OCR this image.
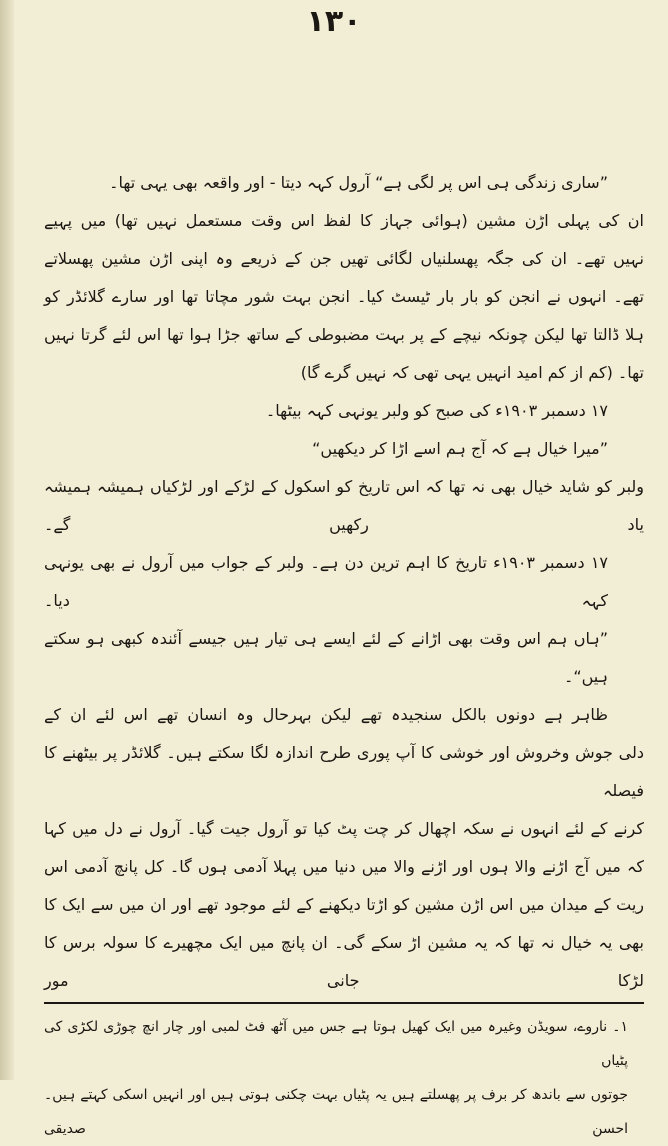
۱۳۰
”ساری زندگی ہی اس پر لگی ہے“ آرول کہہ دیتا - اور واقعہ بھی یہی تھا۔
ان کی پہلی اڑن مشین (ہوائی جہاز کا لفظ اس وقت مستعمل نہیں تھا) میں پہیے
نہیں تھے۔ ان کی جگہ پھسلنیاں لگائی تھیں جن کے ذریعے وہ اپنی اڑن مشین پھسلاتے
تھے۔ انہوں نے انجن کو بار بار ٹیسٹ کیا۔ انجن بہت شور مچاتا تھا اور سارے گلائڈر کو
ہلا ڈالتا تھا لیکن چونکہ نیچے کے پر بہت مضبوطی کے ساتھ جڑا ہوا تھا اس لئے گرتا نہیں
تھا۔ (کم از کم امید انہیں یہی تھی کہ نہیں گرے گا)
۱۷ دسمبر ۱۹۰۳ء کی صبح کو ولبر یونہی کہہ بیٹھا۔
”میرا خیال ہے کہ آج ہم اسے اڑا کر دیکھیں“
ولبر کو شاید خیال بھی نہ تھا کہ اس تاریخ کو اسکول کے لڑکے اور لڑکیاں ہمیشہ ہمیشہ یاد رکھیں گے۔
۱۷ دسمبر ۱۹۰۳ء تاریخ کا اہم ترین دن ہے۔ ولبر کے جواب میں آرول نے بھی یونہی کہہ دیا۔
”ہاں ہم اس وقت بھی اڑانے کے لئے ایسے ہی تیار ہیں جیسے آئندہ کبھی ہو سکتے ہیں“۔
ظاہر ہے دونوں بالکل سنجیدہ تھے لیکن بہرحال وہ انسان تھے اس لئے ان کے
دلی جوش وخروش اور خوشی کا آپ پوری طرح اندازہ لگا سکتے ہیں۔ گلائڈر پر بیٹھنے کا فیصلہ
کرنے کے لئے انہوں نے سکہ اچھال کر چت پٹ کیا تو آرول جیت گیا۔ آرول نے دل میں کہا
کہ میں آج اڑنے والا ہوں اور اڑنے والا میں دنیا میں پہلا آدمی ہوں گا۔ کل پانچ آدمی اس
ریت کے میدان میں اس اڑن مشین کو اڑتا دیکھنے کے لئے موجود تھے اور ان میں سے ایک کا
بھی یہ خیال نہ تھا کہ یہ مشین اڑ سکے گی۔ ان پانچ میں ایک مچھیرے کا سولہ برس کا لڑکا جانی مور
۱۔ ناروے، سویڈن وغیرہ میں ایک کھیل ہوتا ہے جس میں آٹھ فٹ لمبی اور چار انچ چوڑی لکڑی کی پٹیاں
جوتوں سے باندھ کر برف پر پھسلتے ہیں یہ پٹیاں بہت چکنی ہوتی ہیں اور انہیں اسکی کہتے ہیں۔ احسن صدیقی
